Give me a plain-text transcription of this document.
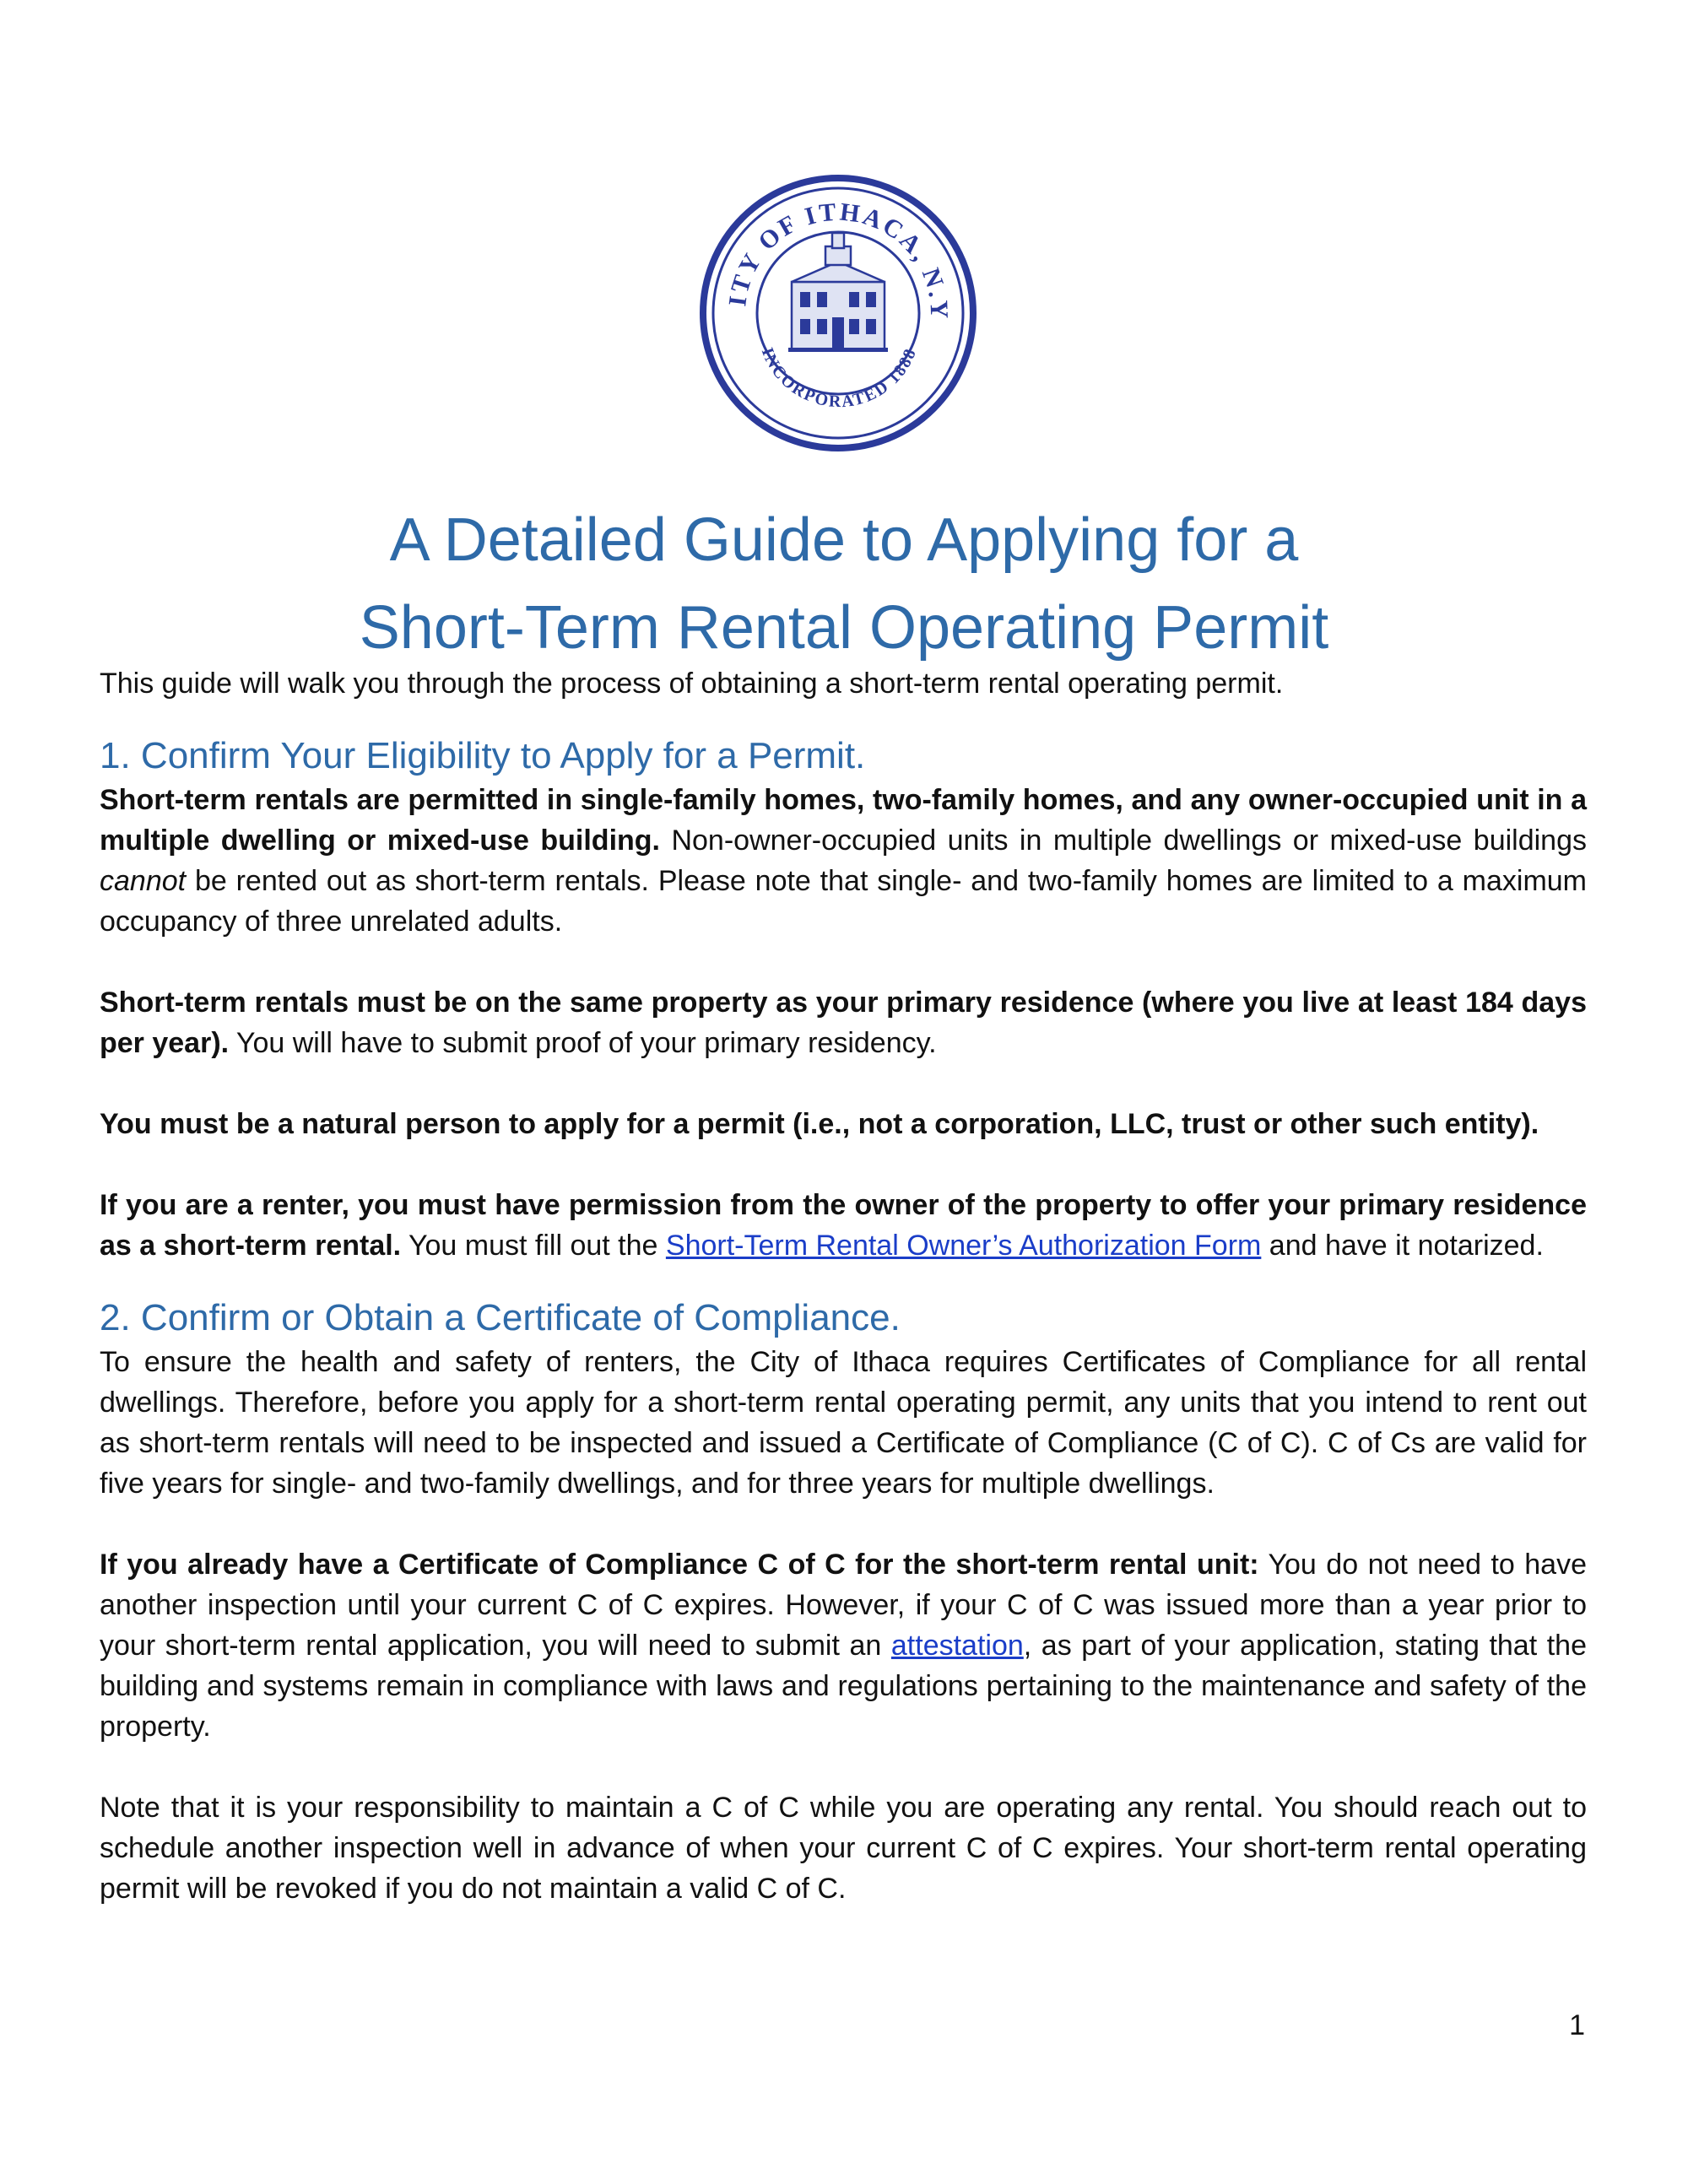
ITY OF ITHACA, N.Y
INCORPORATED 1888
A Detailed Guide to Applying for a
Short-Term Rental Operating Permit

This guide will walk you through the process of obtaining a short-term rental operating permit.

1. Confirm Your Eligibility to Apply for a Permit.

Short-term rentals are permitted in single-family homes, two-family homes, and any owner-occupied unit in a multiple dwelling or mixed-use building. Non-owner-occupied units in multiple dwellings or mixed-use buildings cannot be rented out as short-term rentals. Please note that single- and two-family homes are limited to a maximum occupancy of three unrelated adults.

Short-term rentals must be on the same property as your primary residence (where you live at least 184 days per year). You will have to submit proof of your primary residency.

You must be a natural person to apply for a permit (i.e., not a corporation, LLC, trust or other such entity).

If you are a renter, you must have permission from the owner of the property to offer your primary residence as a short-term rental. You must fill out the Short-Term Rental Owner’s Authorization Form and have it notarized.

2. Confirm or Obtain a Certificate of Compliance.

To ensure the health and safety of renters, the City of Ithaca requires Certificates of Compliance for all rental dwellings. Therefore, before you apply for a short-term rental operating permit, any units that you intend to rent out as short-term rentals will need to be inspected and issued a Certificate of Compliance (C of C). C of Cs are valid for five years for single- and two-family dwellings, and for three years for multiple dwellings.

If you already have a Certificate of Compliance C of C for the short-term rental unit: You do not need to have another inspection until your current C of C expires. However, if your C of C was issued more than a year prior to your short-term rental application, you will need to submit an attestation, as part of your application, stating that the building and systems remain in compliance with laws and regulations pertaining to the maintenance and safety of the property.

Note that it is your responsibility to maintain a C of C while you are operating any rental. You should reach out to schedule another inspection well in advance of when your current C of C expires. Your short-term rental operating permit will be revoked if you do not maintain a valid C of C.

1
